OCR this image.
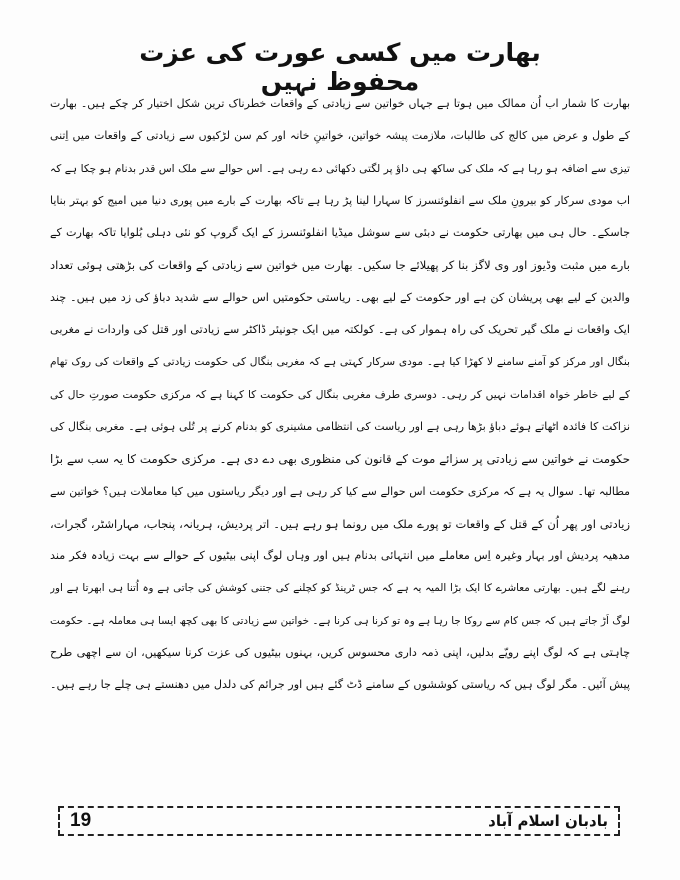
بھارت میں کسی عورت کی عزت محفوظ نہیں
بھارت کا شمار اب اُن ممالک میں ہوتا ہے جہاں خواتین سے زیادتی کے واقعات خطرناک ترین شکل اختیار کر چکے ہیں۔ بھارت
کے طول و عرض میں کالج کی طالبات، ملازمت پیشہ خواتین، خواتینِ خانہ اور کم سن لڑکیوں سے زیادتی کے واقعات میں اِتنی
تیزی سے اضافہ ہو رہا ہے کہ ملک کی ساکھ ہی داؤ پر لگتی دکھائی دے رہی ہے۔ اس حوالے سے ملک اس قدر بدنام ہو چکا ہے کہ
اب مودی سرکار کو بیرونِ ملک سے انفلوئنسرز کا سہارا لینا پڑ رہا ہے تاکہ بھارت کے بارے میں پوری دنیا میں امیج کو بہتر بنایا
جاسکے۔ حال ہی میں بھارتی حکومت نے دبئی سے سوشل میڈیا انفلوئنسرز کے ایک گروپ کو نئی دہلی بُلوایا تاکہ بھارت کے
بارے میں مثبت وڈیوز اور وی لاگز بنا کر پھیلائے جا سکیں۔ بھارت میں خواتین سے زیادتی کے واقعات کی بڑھتی ہوئی تعداد
والدین کے لیے بھی پریشان کن ہے اور حکومت کے لیے بھی۔ ریاستی حکومتیں اس حوالے سے شدید دباؤ کی زد میں ہیں۔ چند
ایک واقعات نے ملک گیر تحریک کی راہ ہموار کی ہے۔ کولکتہ میں ایک جونیئر ڈاکٹر سے زیادتی اور قتل کی واردات نے مغربی
بنگال اور مرکز کو آمنے سامنے لا کھڑا کیا ہے۔ مودی سرکار کہتی ہے کہ مغربی بنگال کی حکومت زیادتی کے واقعات کی روک تھام
کے لیے خاطر خواہ اقدامات نہیں کر رہی۔ دوسری طرف مغربی بنگال کی حکومت کا کہنا ہے کہ مرکزی حکومت صورتِ حال کی
نزاکت کا فائدہ اٹھاتے ہوئے دباؤ بڑھا رہی ہے اور ریاست کی انتظامی مشینری کو بدنام کرنے پر تُلی ہوئی ہے۔ مغربی بنگال کی
حکومت نے خواتین سے زیادتی پر سزائے موت کے قانون کی منظوری بھی دے دی ہے۔ مرکزی حکومت کا یہ سب سے بڑا
مطالبہ تھا۔ سوال یہ ہے کہ مرکزی حکومت اس حوالے سے کیا کر رہی ہے اور دیگر ریاستوں میں کیا معاملات ہیں؟ خواتین سے
زیادتی اور پھر اُن کے قتل کے واقعات تو پورے ملک میں رونما ہو رہے ہیں۔ اتر پردیش، ہریانہ، پنجاب، مہاراشٹر، گجرات،
مدھیہ پردیش اور بہار وغیرہ اِس معاملے میں انتہائی بدنام ہیں اور وہاں لوگ اپنی بیٹیوں کے حوالے سے بہت زیادہ فکر مند
رہنے لگے ہیں۔ بھارتی معاشرے کا ایک بڑا المیہ یہ ہے کہ جس ٹرینڈ کو کچلنے کی جتنی کوشش کی جاتی ہے وہ اُتنا ہی ابھرتا ہے اور
لوگ اَڑ جاتے ہیں کہ جس کام سے روکا جا رہا ہے وہ تو کرنا ہی کرنا ہے۔ خواتین سے زیادتی کا بھی کچھ ایسا ہی معاملہ ہے۔ حکومت
چاہتی ہے کہ لوگ اپنے رویّے بدلیں، اپنی ذمہ داری محسوس کریں، بہنوں بیٹیوں کی عزت کرنا سیکھیں، ان سے اچھی طرح
پیش آئیں۔ مگر لوگ ہیں کہ ریاستی کوششوں کے سامنے ڈٹ گئے ہیں اور جرائم کی دلدل میں دھنستے ہی چلے جا رہے ہیں۔
19	بادبان اسلام آباد
